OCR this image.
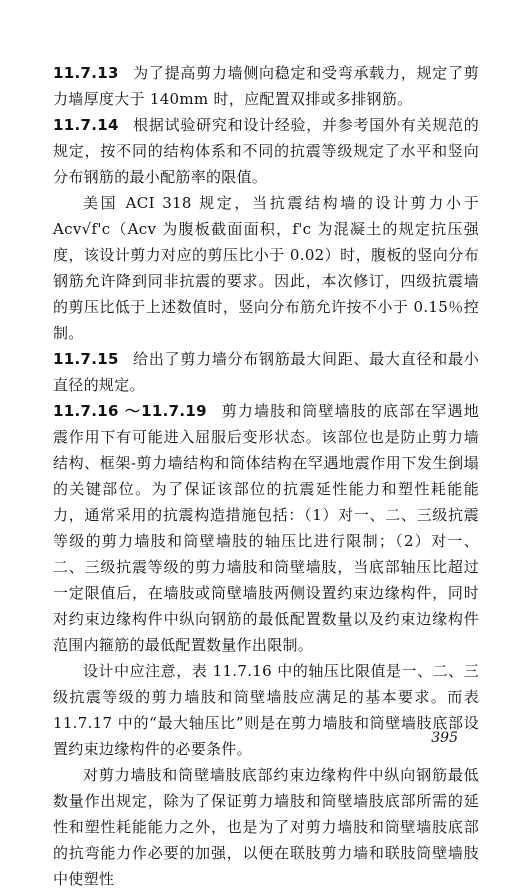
11.7.13 为了提高剪力墙侧向稳定和受弯承载力，规定了剪力墙厚度大于 140mm 时，应配置双排或多排钢筋。

11.7.14 根据试验研究和设计经验，并参考国外有关规范的规定，按不同的结构体系和不同的抗震等级规定了水平和竖向分布钢筋的最小配筋率的限值。

美国 ACI 318 规定，当抗震结构墙的设计剪力小于 Acv√f'c（Acv 为腹板截面面积，f'c 为混凝土的规定抗压强度，该设计剪力对应的剪压比小于 0.02）时，腹板的竖向分布钢筋允许降到同非抗震的要求。因此，本次修订，四级抗震墙的剪压比低于上述数值时，竖向分布筋允许按不小于 0.15％控制。

11.7.15 给出了剪力墙分布钢筋最大间距、最大直径和最小直径的规定。

11.7.16 ～11.7.19 剪力墙肢和筒壁墙肢的底部在罕遇地震作用下有可能进入屈服后变形状态。该部位也是防止剪力墙结构、框架-剪力墙结构和筒体结构在罕遇地震作用下发生倒塌的关键部位。为了保证该部位的抗震延性能力和塑性耗能能力，通常采用的抗震构造措施包括：（1）对一、二、三级抗震等级的剪力墙肢和筒壁墙肢的轴压比进行限制；（2）对一、二、三级抗震等级的剪力墙肢和筒壁墙肢，当底部轴压比超过一定限值后，在墙肢或筒壁墙肢两侧设置约束边缘构件，同时对约束边缘构件中纵向钢筋的最低配置数量以及约束边缘构件范围内箍筋的最低配置数量作出限制。

设计中应注意，表 11.7.16 中的轴压比限值是一、二、三级抗震等级的剪力墙肢和筒壁墙肢应满足的基本要求。而表 11.7.17 中的“最大轴压比”则是在剪力墙肢和筒壁墙肢底部设置约束边缘构件的必要条件。

对剪力墙肢和筒壁墙肢底部约束边缘构件中纵向钢筋最低数量作出规定，除为了保证剪力墙肢和筒壁墙肢底部所需的延性和塑性耗能能力之外，也是为了对剪力墙肢和筒壁墙肢底部的抗弯能力作必要的加强，以便在联肢剪力墙和联肢筒壁墙肢中使塑性

395
